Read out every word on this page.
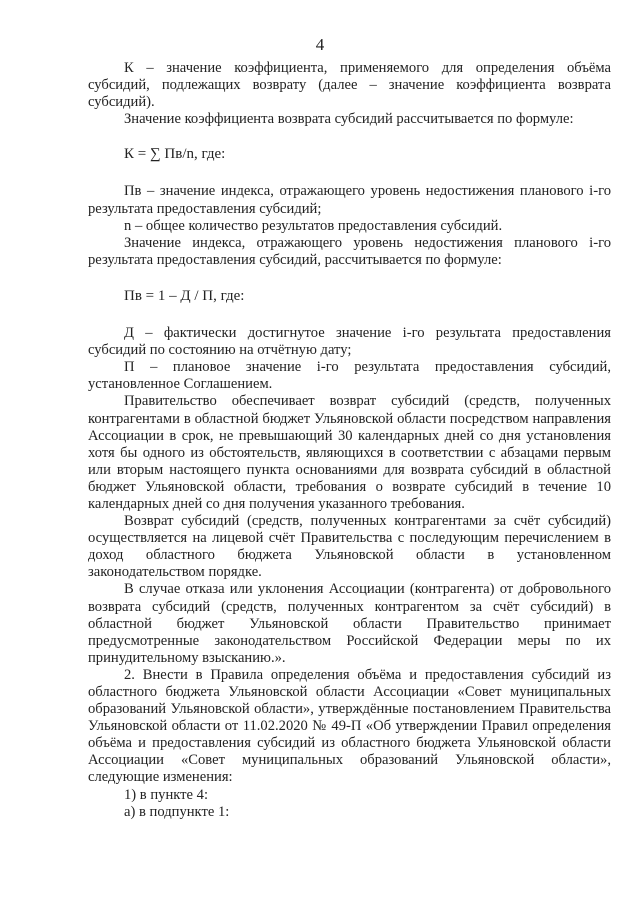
4

К – значение коэффициента, применяемого для определения объёма субсидий, подлежащих возврату (далее – значение коэффициента возврата субсидий).

Значение коэффициента возврата субсидий рассчитывается по формуле:

К = ∑ Пв/n, где:

Пв – значение индекса, отражающего уровень недостижения планового i-го результата предоставления субсидий;

n – общее количество результатов предоставления субсидий.

Значение индекса, отражающего уровень недостижения планового i-го результата предоставления субсидий, рассчитывается по формуле:

Пв = 1 – Д / П, где:

Д – фактически достигнутое значение i-го результата предоставления субсидий по состоянию на отчётную дату;

П – плановое значение i-го результата предоставления субсидий, установленное Соглашением.

Правительство обеспечивает возврат субсидий (средств, полученных контрагентами в областной бюджет Ульяновской области посредством направления Ассоциации в срок, не превышающий 30 календарных дней со дня установления хотя бы одного из обстоятельств, являющихся в соответствии с абзацами первым или вторым настоящего пункта основаниями для возврата субсидий в областной бюджет Ульяновской области, требования о возврате субсидий в течение 10 календарных дней со дня получения указанного требования.

Возврат субсидий (средств, полученных контрагентами за счёт субсидий) осуществляется на лицевой счёт Правительства с последующим перечислением в доход областного бюджета Ульяновской области в установленном законодательством порядке.

В случае отказа или уклонения Ассоциации (контрагента) от добровольного возврата субсидий (средств, полученных контрагентом за счёт субсидий) в областной бюджет Ульяновской области Правительство принимает предусмотренные законодательством Российской Федерации меры по их принудительному взысканию.».

2. Внести в Правила определения объёма и предоставления субсидий из областного бюджета Ульяновской области Ассоциации «Совет муниципальных образований Ульяновской области», утверждённые постановлением Правительства Ульяновской области от 11.02.2020 № 49-П «Об утверждении Правил определения объёма и предоставления субсидий из областного бюджета Ульяновской области Ассоциации «Совет муниципальных образований Ульяновской области», следующие изменения:

1) в пункте 4:

а) в подпункте 1:
